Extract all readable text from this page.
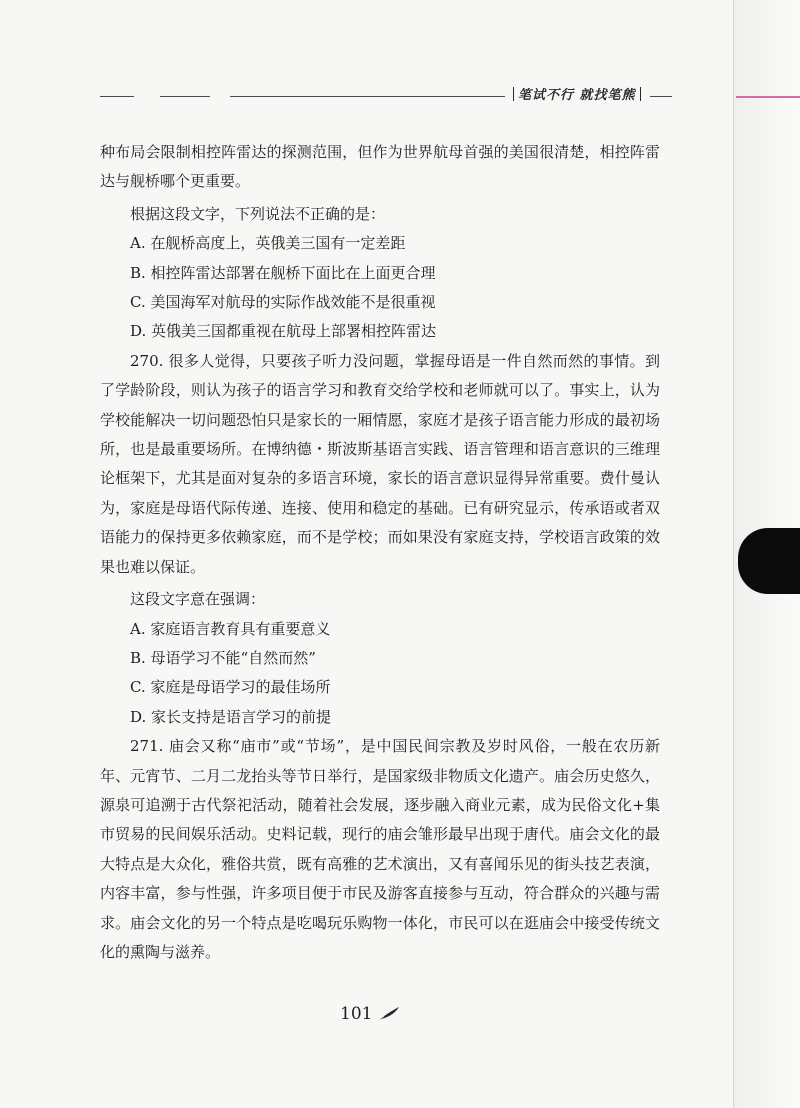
笔试不行 就找笔熊

种布局会限制相控阵雷达的探测范围，但作为世界航母首强的美国很清楚，相控阵雷达与舰桥哪个更重要。

根据这段文字，下列说法不正确的是：

A. 在舰桥高度上，英俄美三国有一定差距

B. 相控阵雷达部署在舰桥下面比在上面更合理

C. 美国海军对航母的实际作战效能不是很重视

D. 英俄美三国都重视在航母上部署相控阵雷达

270. 很多人觉得，只要孩子听力没问题，掌握母语是一件自然而然的事情。到了学龄阶段，则认为孩子的语言学习和教育交给学校和老师就可以了。事实上，认为学校能解决一切问题恐怕只是家长的一厢情愿，家庭才是孩子语言能力形成的最初场所，也是最重要场所。在博纳德・斯波斯基语言实践、语言管理和语言意识的三维理论框架下，尤其是面对复杂的多语言环境，家长的语言意识显得异常重要。费什曼认为，家庭是母语代际传递、连接、使用和稳定的基础。已有研究显示，传承语或者双语能力的保持更多依赖家庭，而不是学校；而如果没有家庭支持，学校语言政策的效果也难以保证。

这段文字意在强调：

A. 家庭语言教育具有重要意义

B. 母语学习不能“自然而然”

C. 家庭是母语学习的最佳场所

D. 家长支持是语言学习的前提

271. 庙会又称“庙市”或“节场”，是中国民间宗教及岁时风俗，一般在农历新年、元宵节、二月二龙抬头等节日举行，是国家级非物质文化遗产。庙会历史悠久，源泉可追溯于古代祭祀活动，随着社会发展，逐步融入商业元素，成为民俗文化+集市贸易的民间娱乐活动。史料记载，现行的庙会雏形最早出现于唐代。庙会文化的最大特点是大众化，雅俗共赏，既有高雅的艺术演出，又有喜闻乐见的街头技艺表演，内容丰富，参与性强，许多项目便于市民及游客直接参与互动，符合群众的兴趣与需求。庙会文化的另一个特点是吃喝玩乐购物一体化，市民可以在逛庙会中接受传统文化的熏陶与滋养。

101
